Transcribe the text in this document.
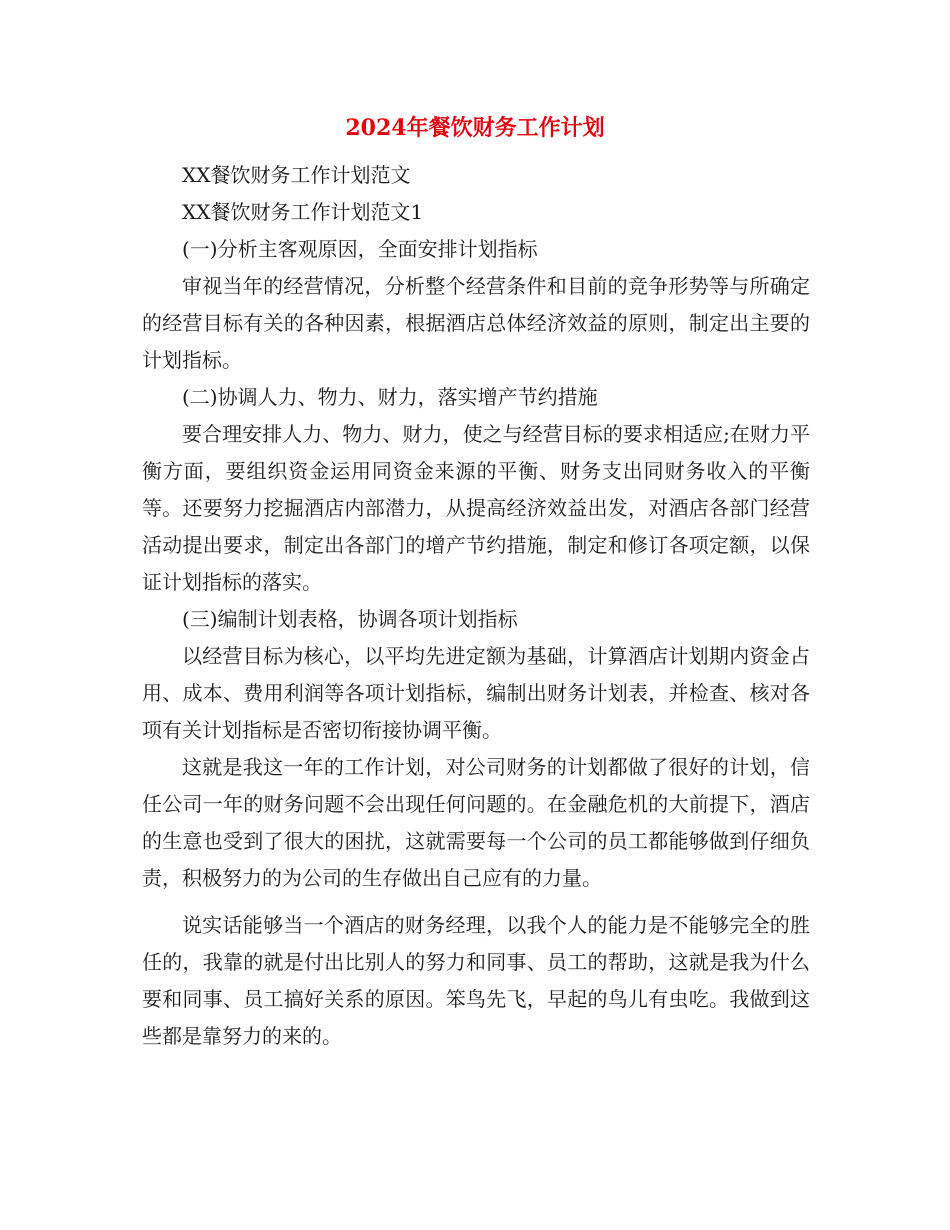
2024年餐饮财务工作计划

XX餐饮财务工作计划范文

XX餐饮财务工作计划范文1

(一)分析主客观原因，全面安排计划指标

审视当年的经营情况，分析整个经营条件和目前的竞争形势等与所确定的经营目标有关的各种因素，根据酒店总体经济效益的原则，制定出主要的计划指标。

(二)协调人力、物力、财力，落实增产节约措施

要合理安排人力、物力、财力，使之与经营目标的要求相适应;在财力平衡方面，要组织资金运用同资金来源的平衡、财务支出同财务收入的平衡等。还要努力挖掘酒店内部潜力，从提高经济效益出发，对酒店各部门经营活动提出要求，制定出各部门的增产节约措施，制定和修订各项定额，以保证计划指标的落实。

(三)编制计划表格，协调各项计划指标

以经营目标为核心，以平均先进定额为基础，计算酒店计划期内资金占用、成本、费用利润等各项计划指标，编制出财务计划表，并检查、核对各项有关计划指标是否密切衔接协调平衡。

这就是我这一年的工作计划，对公司财务的计划都做了很好的计划，信任公司一年的财务问题不会出现任何问题的。在金融危机的大前提下，酒店的生意也受到了很大的困扰，这就需要每一个公司的员工都能够做到仔细负责，积极努力的为公司的生存做出自己应有的力量。

说实话能够当一个酒店的财务经理，以我个人的能力是不能够完全的胜任的，我靠的就是付出比别人的努力和同事、员工的帮助，这就是我为什么要和同事、员工搞好关系的原因。笨鸟先飞，早起的鸟儿有虫吃。我做到这些都是靠努力的来的。
